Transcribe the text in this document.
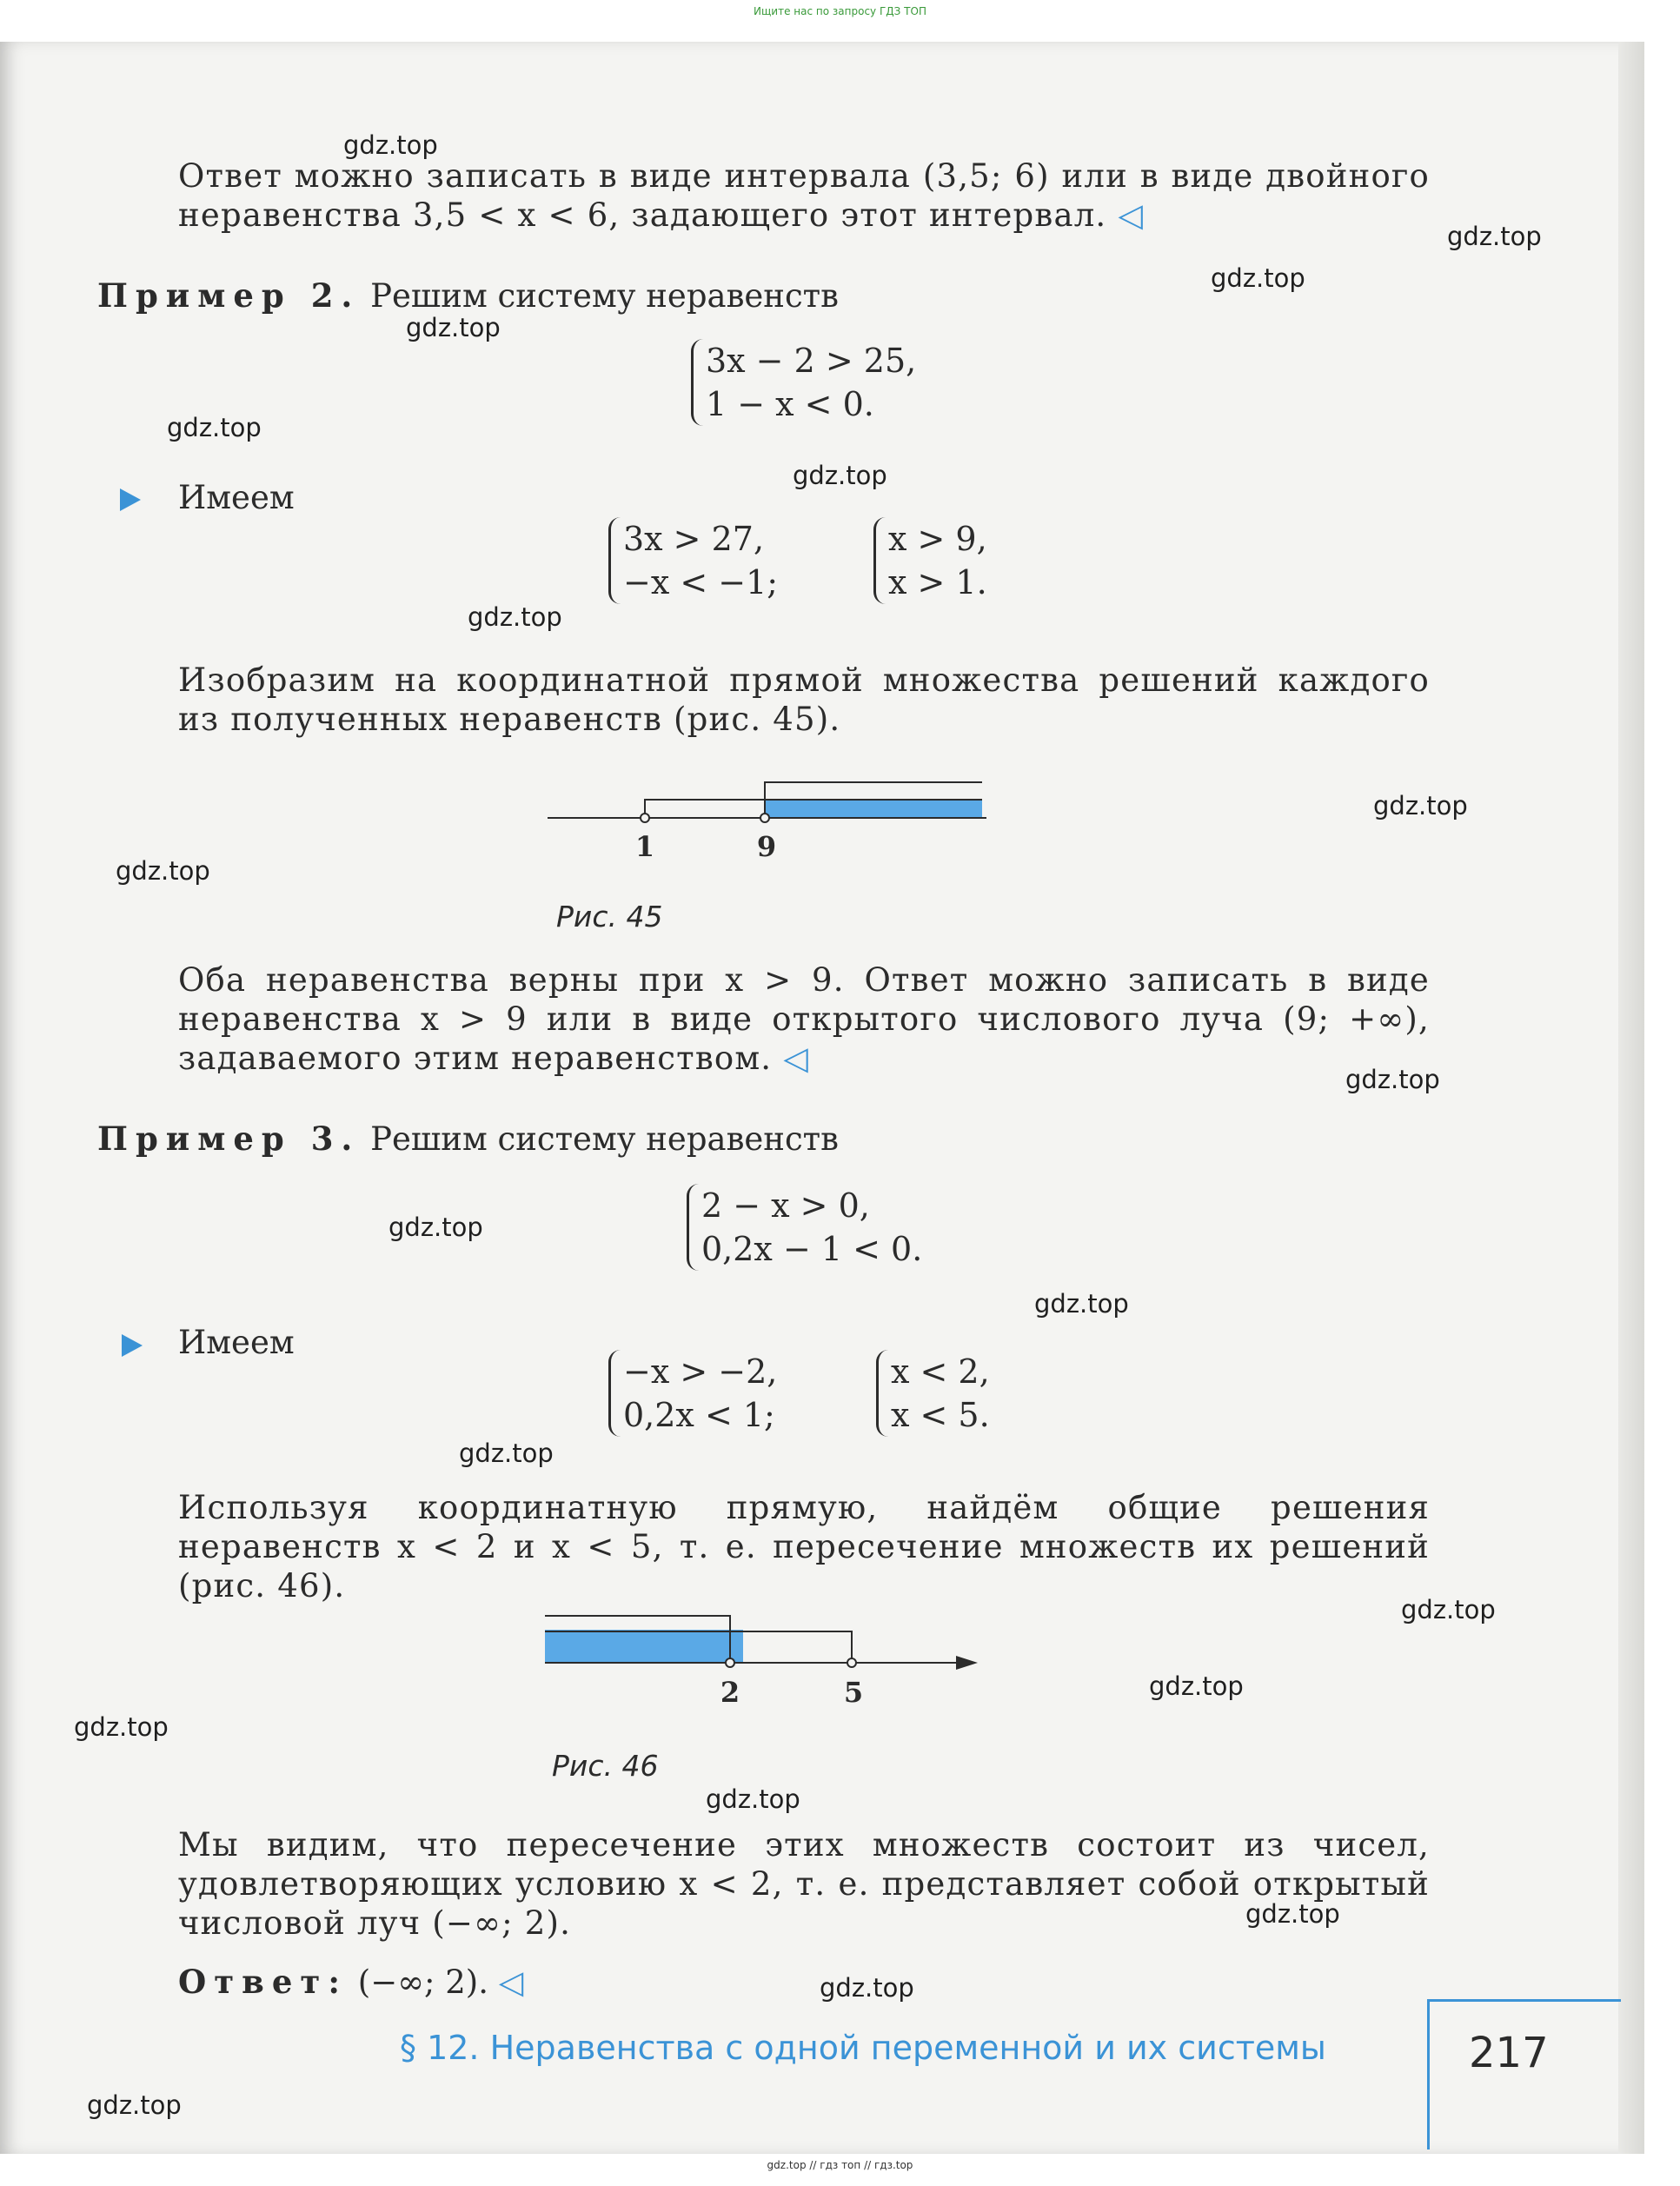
Ищите нас по запросу ГДЗ ТОП
Ответ можно записать в виде интервала (3,5; 6) или в виде двойного неравенства 3,5 < x < 6, задающего этот интервал. ◁
Пример 2. Решим систему неравенств
3x − 2 > 25,
1 − x < 0.
Имеем
3x > 27,
−x < −1;
x > 9,
x > 1.
Изобразим на координатной прямой множества решений каждого из полученных неравенств (рис. 45).
1	9
Рис. 45
Оба неравенства верны при x > 9. Ответ можно записать в виде неравенства x > 9 или в виде открытого числового луча (9; +∞), задаваемого этим неравенством. ◁
Пример 3. Решим систему неравенств
2 − x > 0,
0,2x − 1 < 0.
Имеем
−x > −2,
0,2x < 1;
x < 2,
x < 5.
Используя координатную прямую, найдём общие решения неравенств x < 2 и x < 5, т. е. пересечение множеств их решений (рис. 46).
2	5
Рис. 46
Мы видим, что пересечение этих множеств состоит из чисел, удовлетворяющих условию x < 2, т. е. представляет собой открытый числовой луч (−∞; 2).
Ответ: (−∞; 2). ◁
§ 12. Неравенства с одной переменной и их системы	217
gdz.top
gdz.top
gdz.top
gdz.top
gdz.top
gdz.top
gdz.top
gdz.top
gdz.top
gdz.top
gdz.top
gdz.top
gdz.top
gdz.top
gdz.top
gdz.top
gdz.top
gdz.top
gdz.top
gdz.top
gdz.top // гдз топ // гдз.top
